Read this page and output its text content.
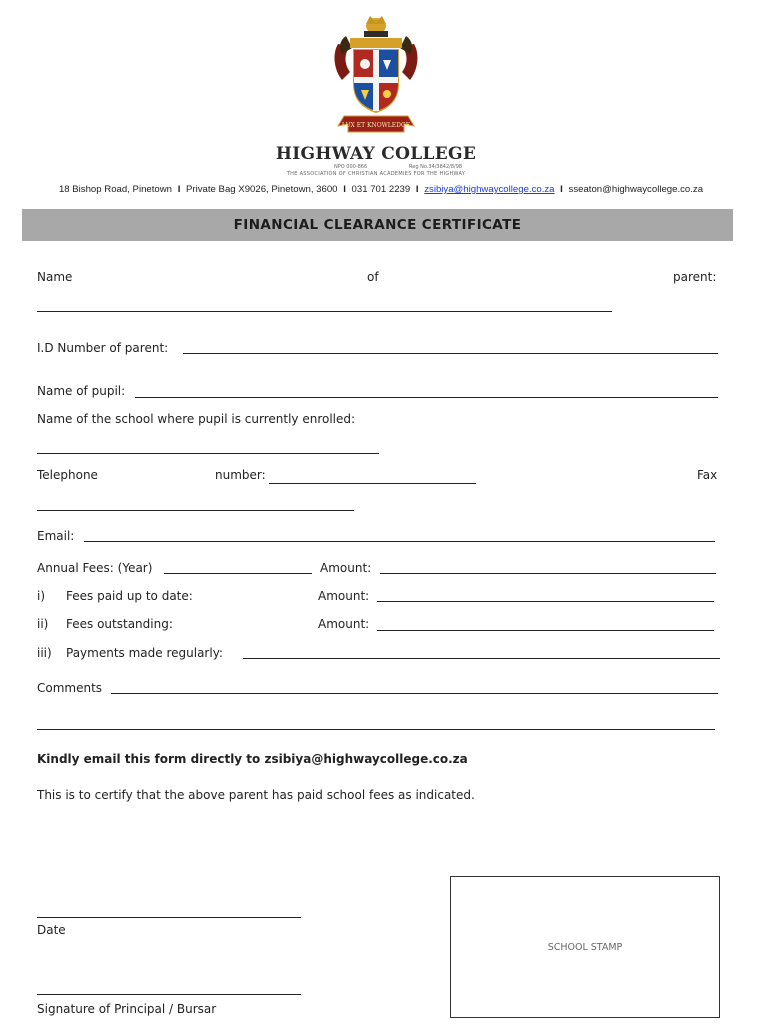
LUX ET KNOWLEDGE
HIGHWAY COLLEGE
NPO 000-866	Reg No.34/3842/8/98
THE ASSOCIATION OF CHRISTIAN ACADEMIES FOR THE HIGHWAY
18 Bishop Road, Pinetown I Private Bag X9026, Pinetown, 3600 I 031 701 2239 I zsibiya@highwaycollege.co.za I sseaton@highwaycollege.co.za
FINANCIAL CLEARANCE CERTIFICATE
Name	of	parent:
I.D Number of parent:
Name of pupil:
Name of the school where pupil is currently enrolled:
Telephone	number:	Fax
Email:
Annual Fees: (Year)	Amount:
i) Fees paid up to date:	Amount:
ii) Fees outstanding:	Amount:
iii) Payments made regularly:
Comments
Kindly email this form directly to zsibiya@highwaycollege.co.za
This is to certify that the above parent has paid school fees as indicated.
Date
Signature of Principal / Bursar
SCHOOL STAMP
